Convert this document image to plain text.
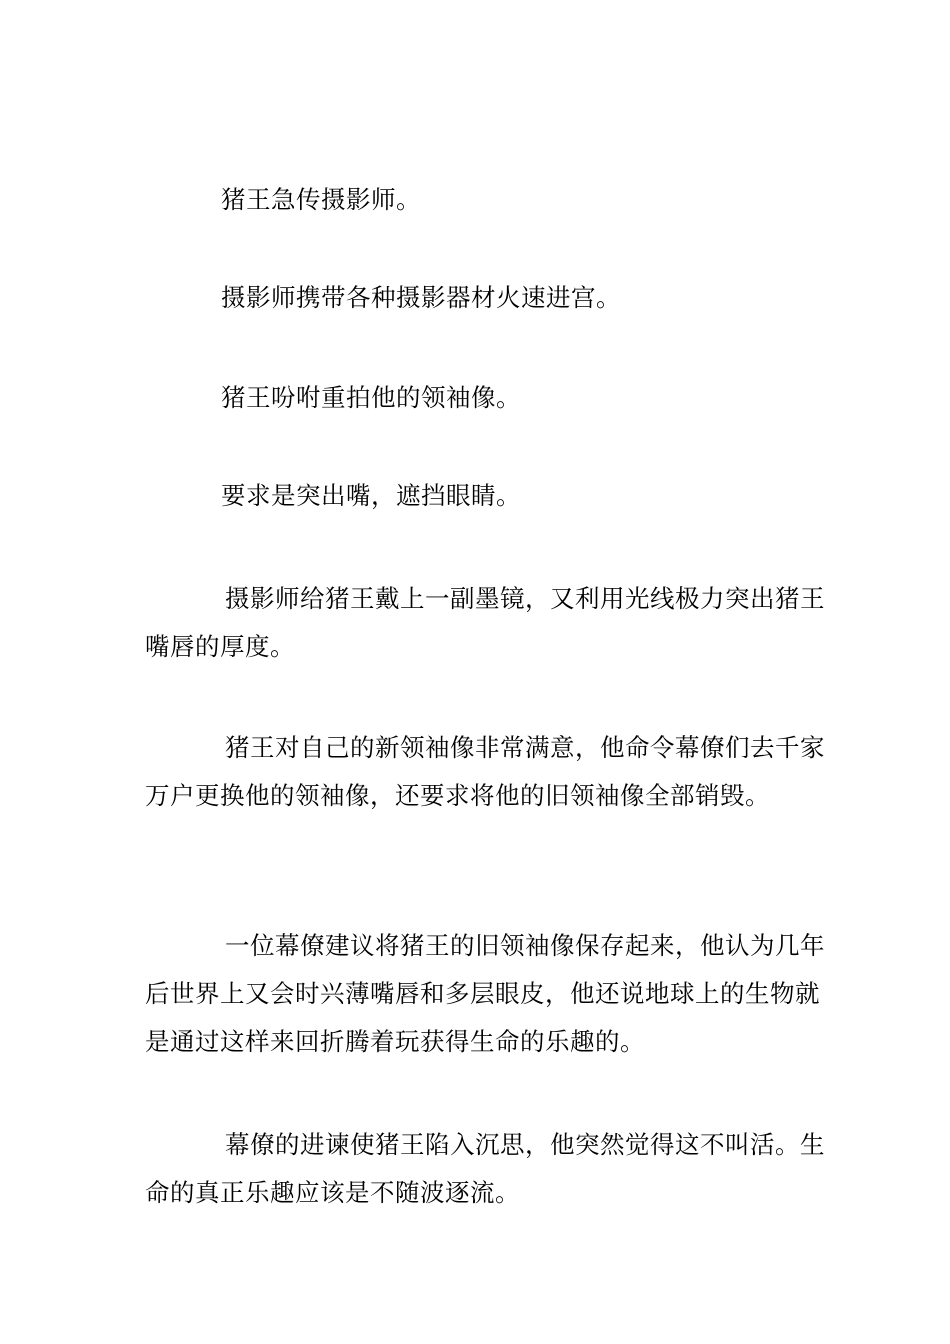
猪王急传摄影师。

摄影师携带各种摄影器材火速进宫。

猪王吩咐重拍他的领袖像。

要求是突出嘴，遮挡眼睛。

摄影师给猪王戴上一副墨镜，又利用光线极力突出猪王嘴唇的厚度。

猪王对自己的新领袖像非常满意，他命令幕僚们去千家万户更换他的领袖像，还要求将他的旧领袖像全部销毁。

一位幕僚建议将猪王的旧领袖像保存起来，他认为几年后世界上又会时兴薄嘴唇和多层眼皮，他还说地球上的生物就是通过这样来回折腾着玩获得生命的乐趣的。

幕僚的进谏使猪王陷入沉思，他突然觉得这不叫活。生命的真正乐趣应该是不随波逐流。
